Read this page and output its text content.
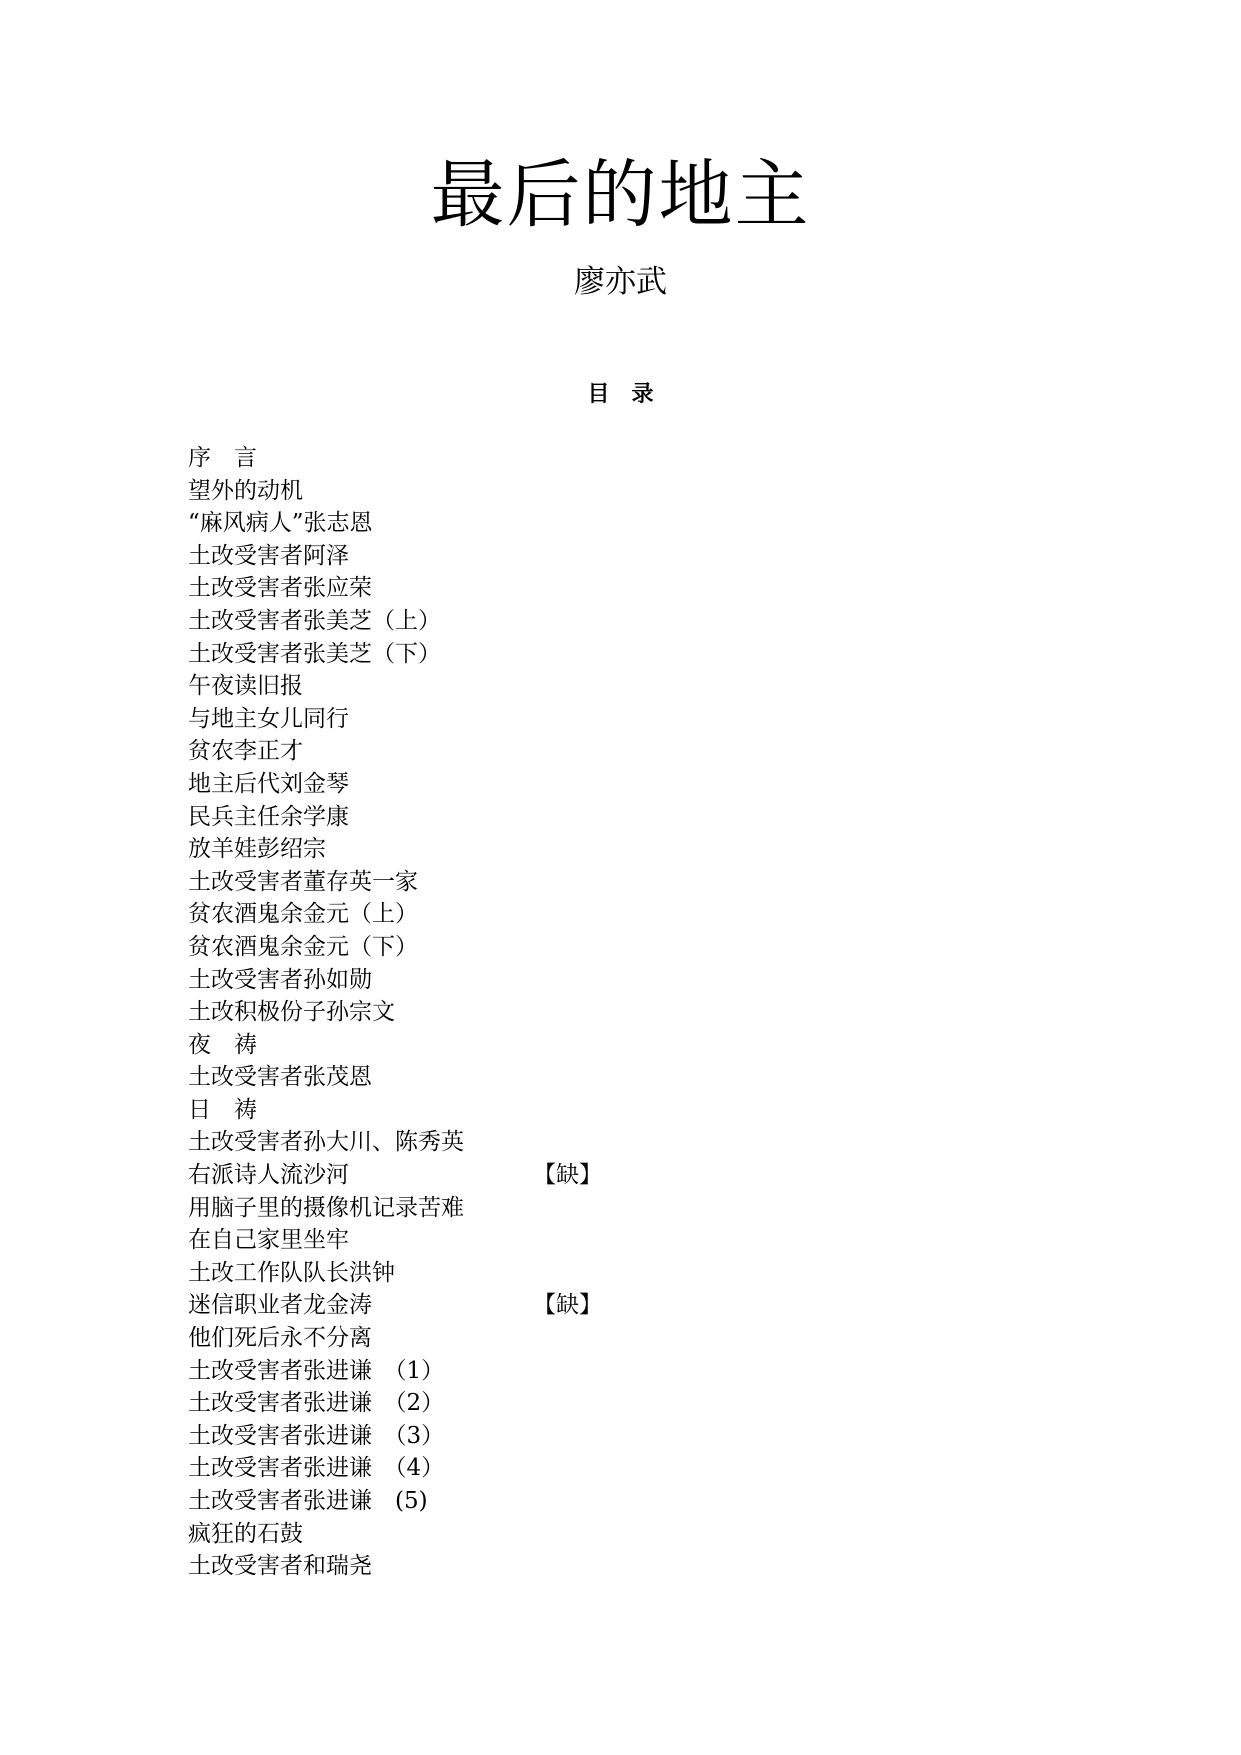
最后的地主
廖亦武
目　录
序　言
望外的动机
“麻风病人”张志恩
土改受害者阿泽
土改受害者张应荣
土改受害者张美芝（上）
土改受害者张美芝（下）
午夜读旧报
与地主女儿同行
贫农李正才
地主后代刘金琴
民兵主任余学康
放羊娃彭绍宗
土改受害者董存英一家
贫农酒鬼余金元（上）
贫农酒鬼余金元（下）
土改受害者孙如勋
土改积极份子孙宗文
夜　祷
土改受害者张茂恩
日　祷
土改受害者孙大川、陈秀英
右派诗人流沙河	【缺】
用脑子里的摄像机记录苦难
在自己家里坐牢
土改工作队队长洪钟
迷信职业者龙金涛	【缺】
他们死后永不分离
土改受害者张进谦　（1）
土改受害者张进谦　（2）
土改受害者张进谦　（3）
土改受害者张进谦　（4）
土改受害者张进谦　(5)
疯狂的石鼓
土改受害者和瑞尧
